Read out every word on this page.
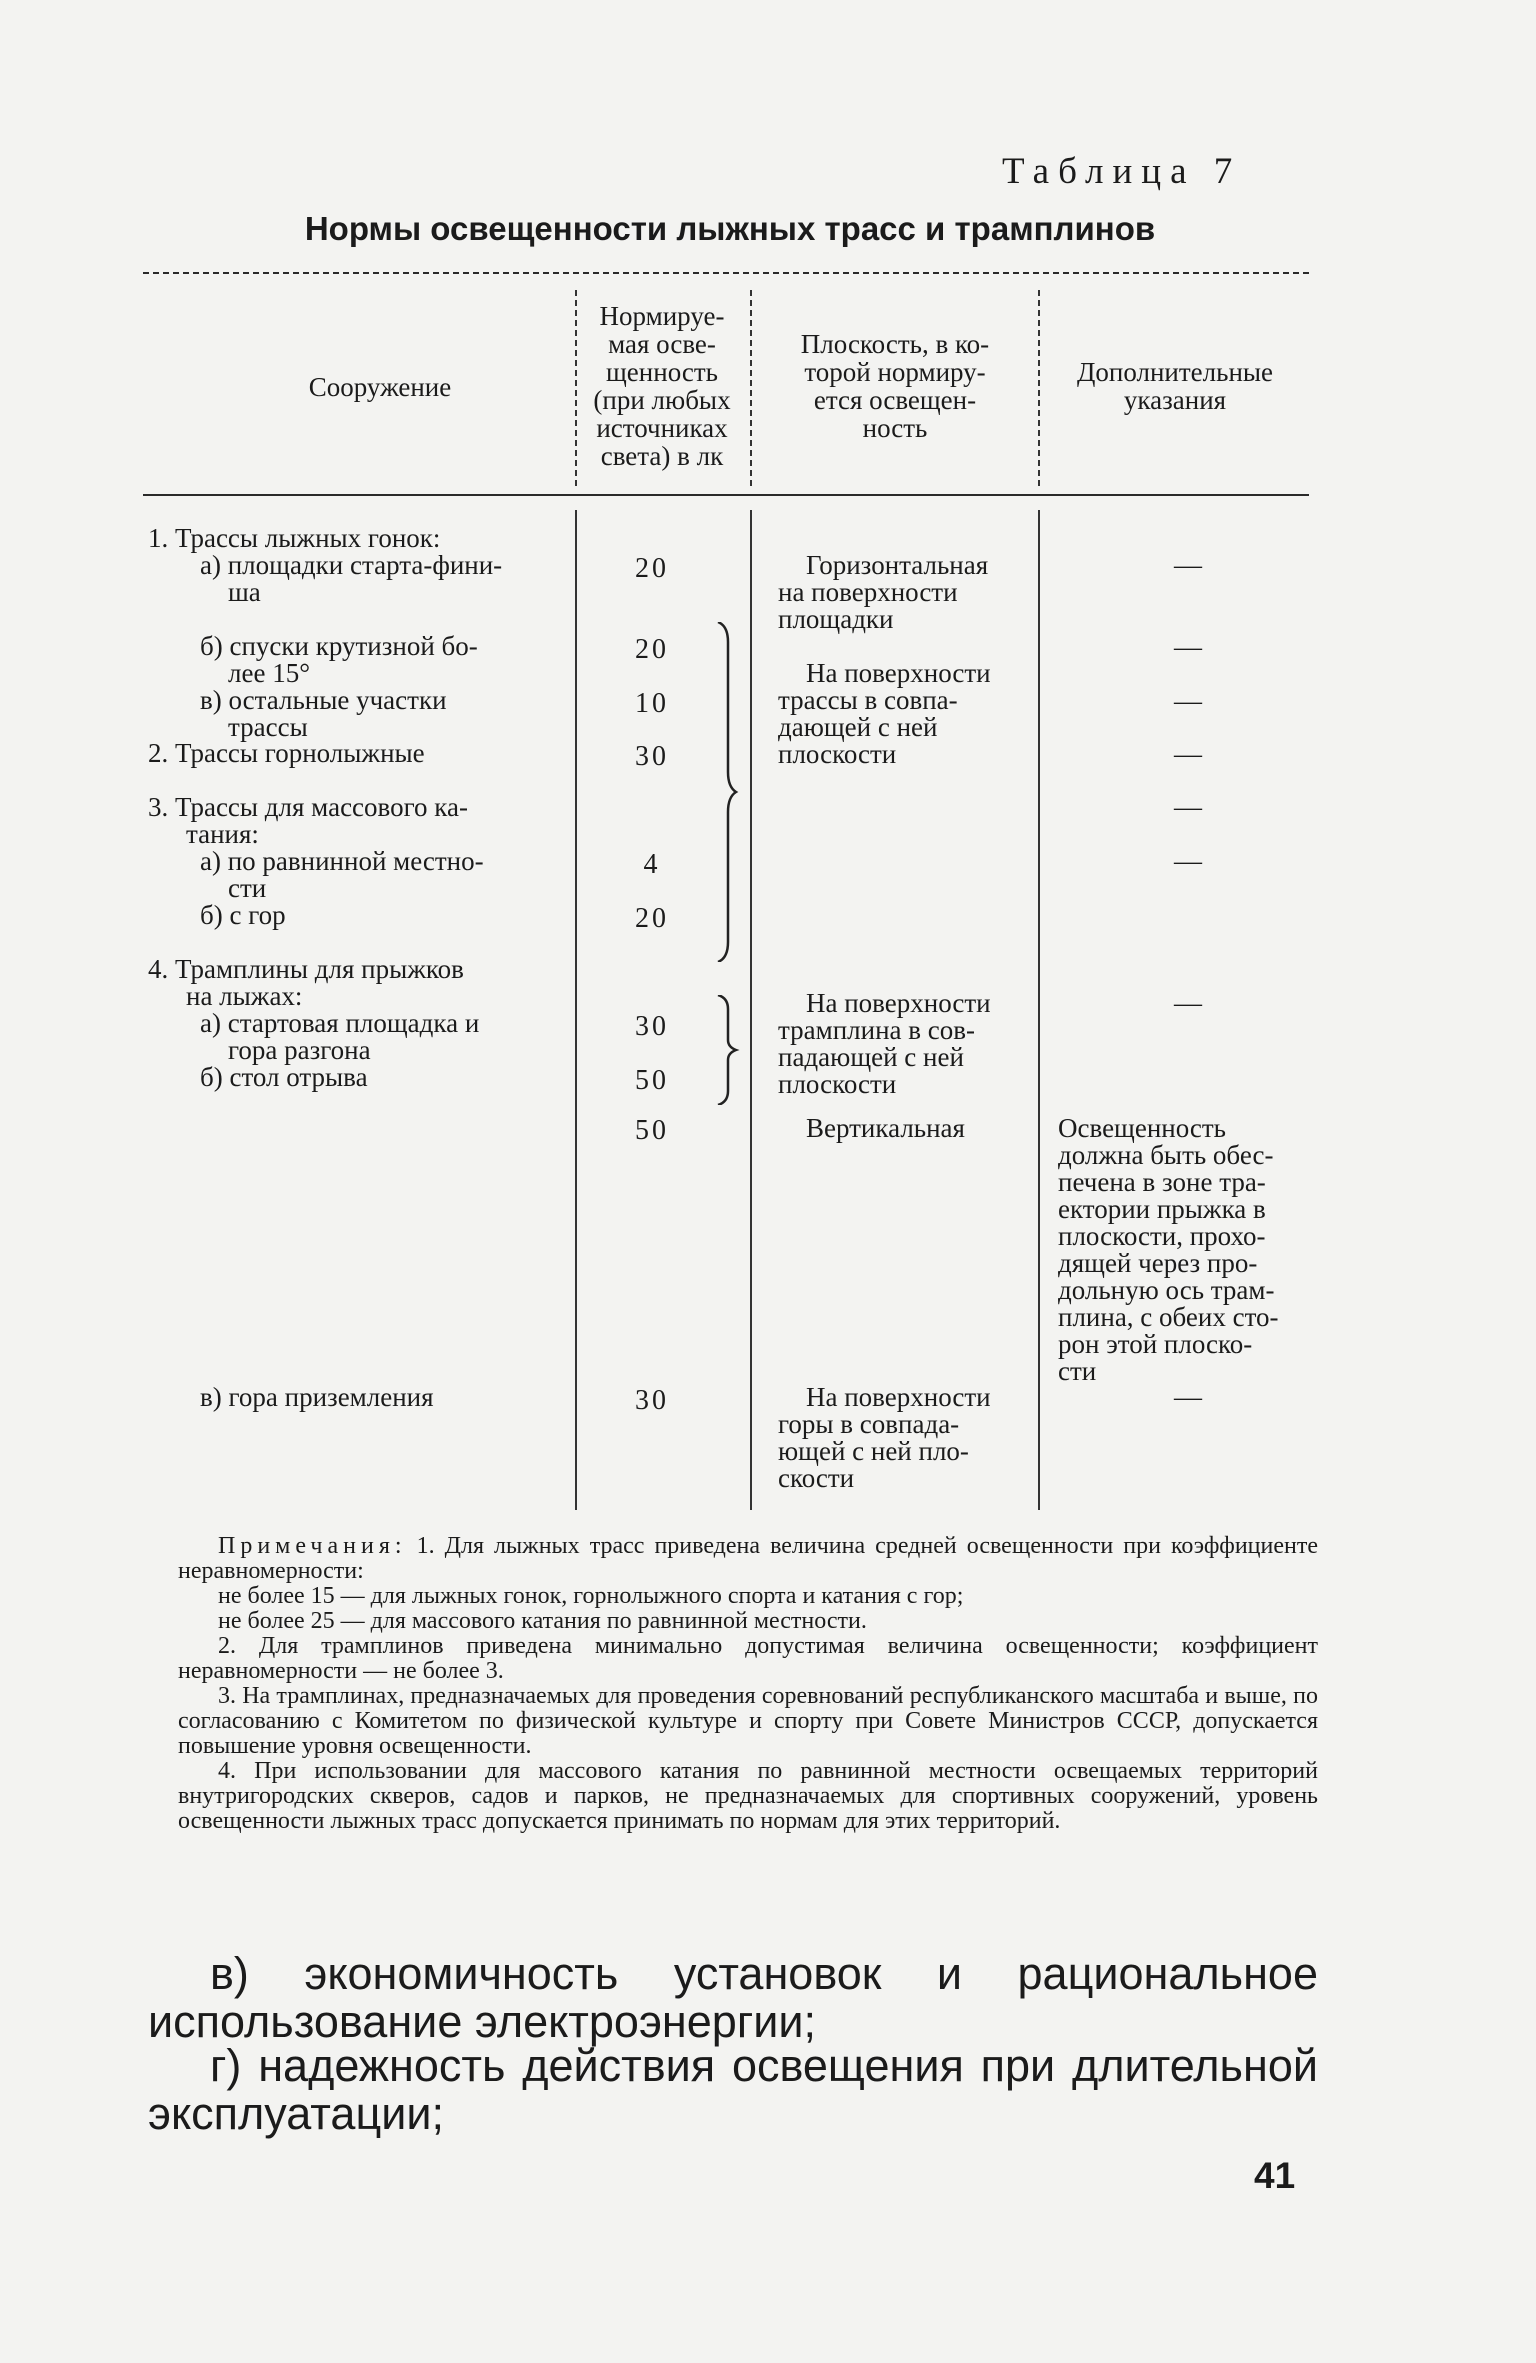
Таблица 7
Нормы освещенности лыжных трасс и трамплинов
Сооружение
Нормируе-
мая осве-
щенность
(при любых
источниках
света) в лк
Плоскость, в ко-
торой нормиру-
ется освещен-
ность
Дополнительные
указания
1. Трассы лыжных гонок:
а) площадки старта-фини-
ша
б) спуски крутизной бо-
лее 15°
в) остальные участки
трассы
2. Трассы горнолыжные
3. Трассы для массового ка-
тания:
а) по равнинной местно-
сти
б) с гор
4. Трамплины для прыжков
на лыжах:
а) стартовая площадка и
гора разгона
б) стол отрыва
в) гора приземления
20
20
10
30
4
20
30
50
50
30
Горизонтальная
на поверхности
площадки
На поверхности
трассы в совпа-
дающей с ней
плоскости
На поверхности
трамплина в сов-
падающей с ней
плоскости
Вертикальная
На поверхности
горы в совпада-
ющей с ней пло-
скости
—
—
—
—
—
—
—
Освещенность
должна быть обес-
печена в зоне тра-
ектории прыжка в
плоскости, прохо-
дящей через про-
дольную ось трам-
плина, с обеих сто-
рон этой плоско-
сти
—

Примечания: 1. Для лыжных трасс приведена величина средней освещенности при коэффициенте неравномерности:

не более 15 — для лыжных гонок, горнолыжного спорта и катания с гор;

не более 25 — для массового катания по равнинной местности.

2. Для трамплинов приведена минимально допустимая величина освещенности; коэффициент неравномерности — не более 3.

3. На трамплинах, предназначаемых для проведения соревнований республиканского масштаба и выше, по согласованию с Комитетом по физической культуре и спорту при Совете Министров СССР, допускается повышение уровня освещенности.

4. При использовании для массового катания по равнинной местности освещаемых территорий внутригородских скверов, садов и парков, не предназначаемых для спортивных сооружений, уровень освещенности лыжных трасс допускается принимать по нормам для этих территорий.

в) экономичность установок и рациональное использование электроэнергии;
г) надежность действия освещения при длительной эксплуатации;
41
